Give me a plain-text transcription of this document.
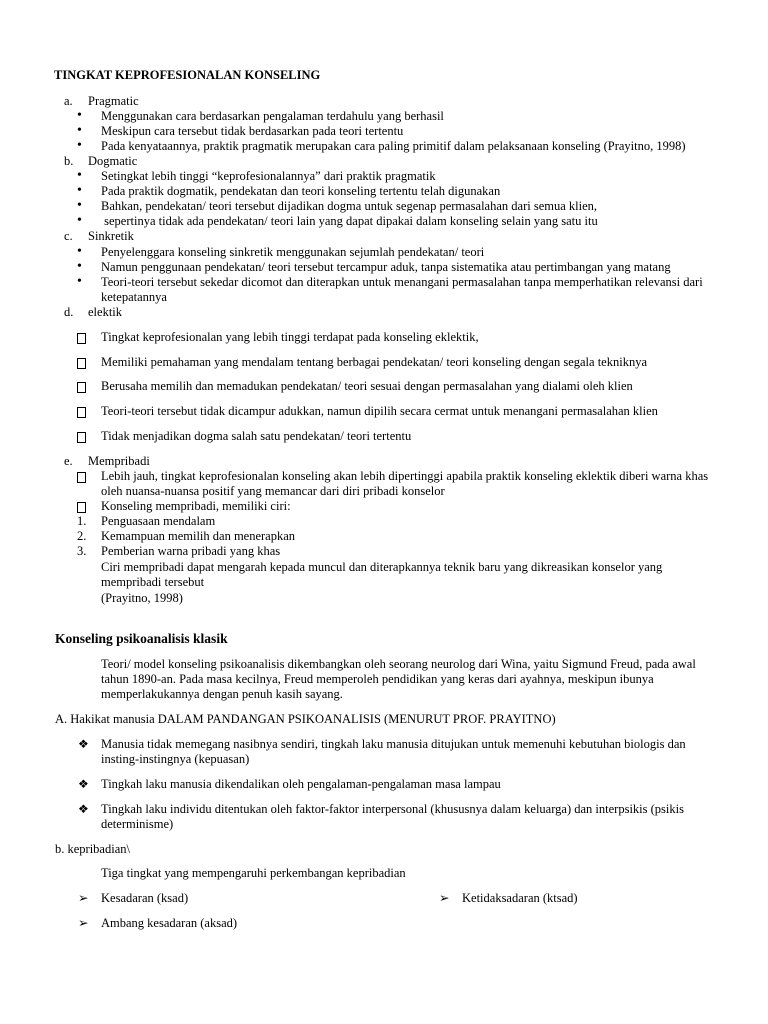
TINGKAT KEPROFESIONALAN KONSELING
a. Pragmatic
• Menggunakan cara berdasarkan pengalaman terdahulu yang berhasil
• Meskipun cara tersebut tidak berdasarkan pada teori tertentu
• Pada kenyataannya, praktik pragmatik merupakan cara paling primitif dalam pelaksanaan konseling (Prayitno, 1998)
b. Dogmatic
• Setingkat lebih tinggi “keprofesionalannya” dari praktik pragmatik
• Pada praktik dogmatik, pendekatan dan teori konseling tertentu telah digunakan
• Bahkan, pendekatan/ teori tersebut dijadikan dogma untuk segenap permasalahan dari semua klien,
• sepertinya tidak ada pendekatan/ teori lain yang dapat dipakai dalam konseling selain yang satu itu
c. Sinkretik
• Penyelenggara konseling sinkretik menggunakan sejumlah pendekatan/ teori
• Namun penggunaan pendekatan/ teori tersebut tercampur aduk, tanpa sistematika atau pertimbangan yang matang
• Teori-teori tersebut sekedar dicomot dan diterapkan untuk menangani permasalahan tanpa memperhatikan relevansi dari
ketepatannya
d. elektik
Tingkat keprofesionalan yang lebih tinggi terdapat pada konseling eklektik,
Memiliki pemahaman yang mendalam tentang berbagai pendekatan/ teori konseling dengan segala tekniknya
Berusaha memilih dan memadukan pendekatan/ teori sesuai dengan permasalahan yang dialami oleh klien
Teori-teori tersebut tidak dicampur adukkan, namun dipilih secara cermat untuk menangani permasalahan klien
Tidak menjadikan dogma salah satu pendekatan/ teori tertentu
e. Mempribadi
Lebih jauh, tingkat keprofesionalan konseling akan lebih dipertinggi apabila praktik konseling eklektik diberi warna khas
oleh nuansa-nuansa positif yang memancar dari diri pribadi konselor
Konseling mempribadi, memiliki ciri:
1. Penguasaan mendalam
2. Kemampuan memilih dan menerapkan
3. Pemberian warna pribadi yang khas
Ciri mempribadi dapat mengarah kepada muncul dan diterapkannya teknik baru yang dikreasikan konselor yang
mempribadi tersebut
(Prayitno, 1998)
Konseling psikoanalisis klasik
Teori/ model konseling psikoanalisis dikembangkan oleh seorang neurolog dari Wina, yaitu Sigmund Freud, pada awal
tahun 1890-an. Pada masa kecilnya, Freud memperoleh pendidikan yang keras dari ayahnya, meskipun ibunya
memperlakukannya dengan penuh kasih sayang.
A. Hakikat manusia DALAM PANDANGAN PSIKOANALISIS (MENURUT PROF. PRAYITNO)
❖ Manusia tidak memegang nasibnya sendiri, tingkah laku manusia ditujukan untuk memenuhi kebutuhan biologis dan
insting-instingnya (kepuasan)
❖ Tingkah laku manusia dikendalikan oleh pengalaman-pengalaman masa lampau
❖ Tingkah laku individu ditentukan oleh faktor-faktor interpersonal (khususnya dalam keluarga) dan interpsikis (psikis
determinisme)
b. kepribadian\
Tiga tingkat yang mempengaruhi perkembangan kepribadian
➢ Kesadaran (ksad)	➢ Ketidaksadaran (ktsad)
➢ Ambang kesadaran (aksad)
